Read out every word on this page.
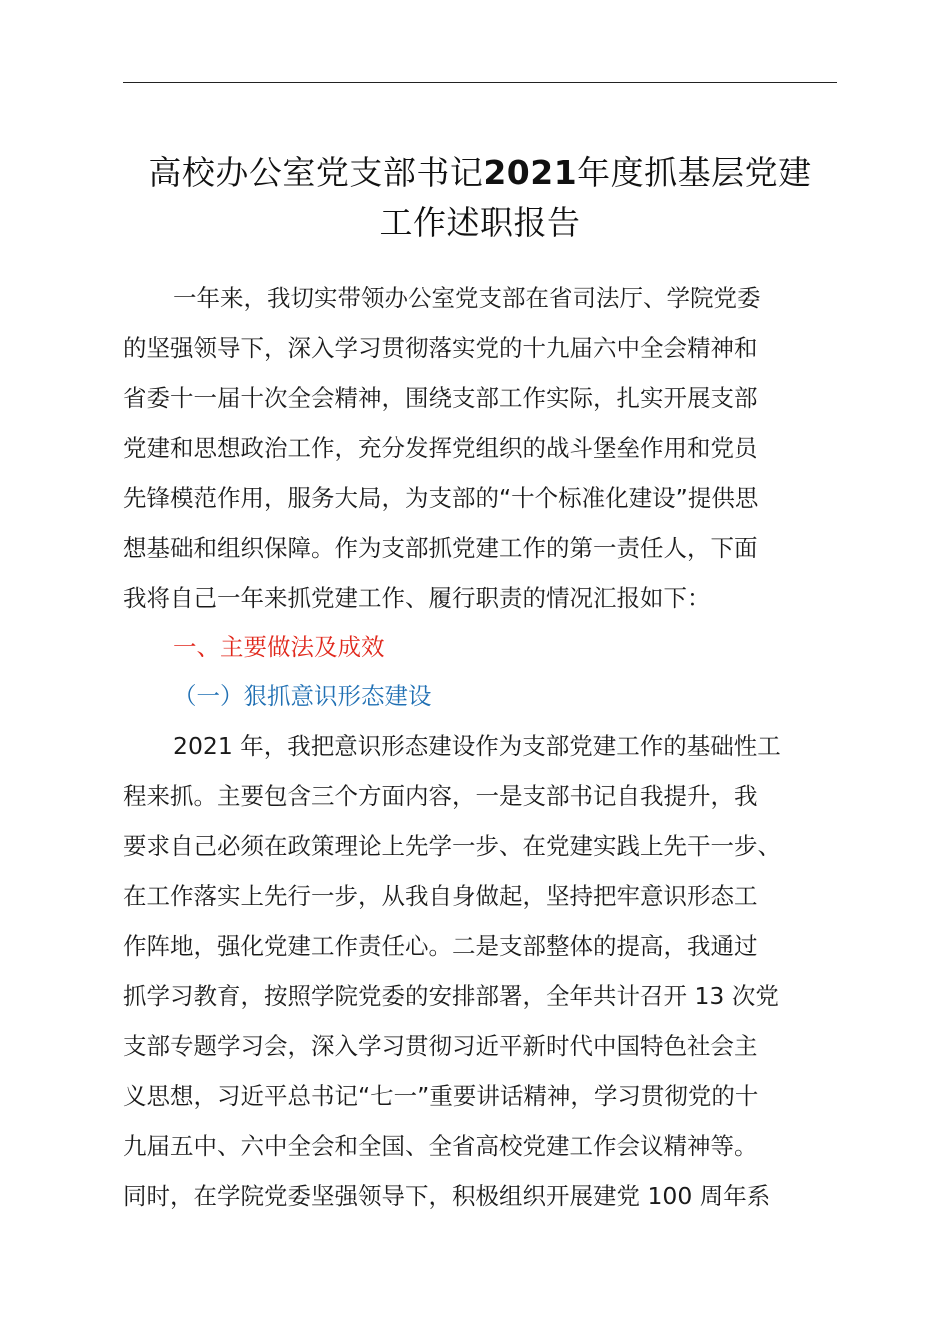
高校办公室党支部书记2021年度抓基层党建
工作述职报告
一年来，我切实带领办公室党支部在省司法厅、学院党委
的坚强领导下，深入学习贯彻落实党的十九届六中全会精神和
省委十一届十次全会精神，围绕支部工作实际，扎实开展支部
党建和思想政治工作，充分发挥党组织的战斗堡垒作用和党员
先锋模范作用，服务大局，为支部的“十个标准化建设”提供思
想基础和组织保障。作为支部抓党建工作的第一责任人，下面
我将自己一年来抓党建工作、履行职责的情况汇报如下：
一、主要做法及成效
（一）狠抓意识形态建设
2021 年，我把意识形态建设作为支部党建工作的基础性工
程来抓。主要包含三个方面内容，一是支部书记自我提升，我
要求自己必须在政策理论上先学一步、在党建实践上先干一步、
在工作落实上先行一步，从我自身做起，坚持把牢意识形态工
作阵地，强化党建工作责任心。二是支部整体的提高，我通过
抓学习教育，按照学院党委的安排部署，全年共计召开 13 次党
支部专题学习会，深入学习贯彻习近平新时代中国特色社会主
义思想，习近平总书记“七一”重要讲话精神，学习贯彻党的十
九届五中、六中全会和全国、全省高校党建工作会议精神等。
同时，在学院党委坚强领导下，积极组织开展建党 100 周年系
